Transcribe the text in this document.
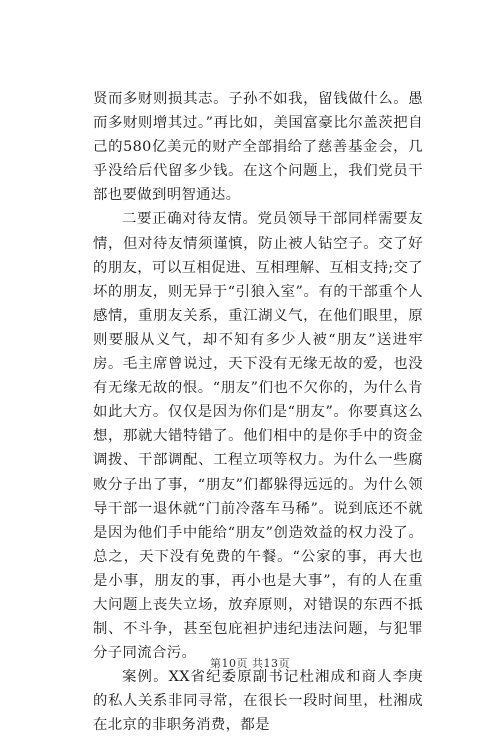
贤而多财则损其志。子孙不如我，留钱做什么。愚而多财则增其过。”再比如，美国富豪比尔盖茨把自己的580亿美元的财产全部捐给了慈善基金会，几乎没给后代留多少钱。在这个问题上，我们党员干部也要做到明智通达。

二要正确对待友情。党员领导干部同样需要友情，但对待友情须谨慎，防止被人钻空子。交了好的朋友，可以互相促进、互相理解、互相支持;交了坏的朋友，则无异于“引狼入室”。有的干部重个人感情，重朋友关系，重江湖义气，在他们眼里，原则要服从义气，却不知有多少人被“朋友”送进牢房。毛主席曾说过，天下没有无缘无故的爱，也没有无缘无故的恨。“朋友”们也不欠你的，为什么肯如此大方。仅仅是因为你们是“朋友”。你要真这么想，那就大错特错了。他们相中的是你手中的资金调拨、干部调配、工程立项等权力。为什么一些腐败分子出了事，“朋友”们都躲得远远的。为什么领导干部一退休就“门前冷落车马稀”。说到底还不就是因为他们手中能给“朋友”创造效益的权力没了。总之，天下没有免费的午餐。“公家的事，再大也是小事，朋友的事，再小也是大事”，有的人在重大问题上丧失立场，放弃原则，对错误的东西不抵制、不斗争，甚至包庇袒护违纪违法问题，与犯罪分子同流合污。

案例。XX省纪委原副书记杜湘成和商人李庚的私人关系非同寻常，在很长一段时间里，杜湘成在北京的非职务消费，都是

第10页 共13页
